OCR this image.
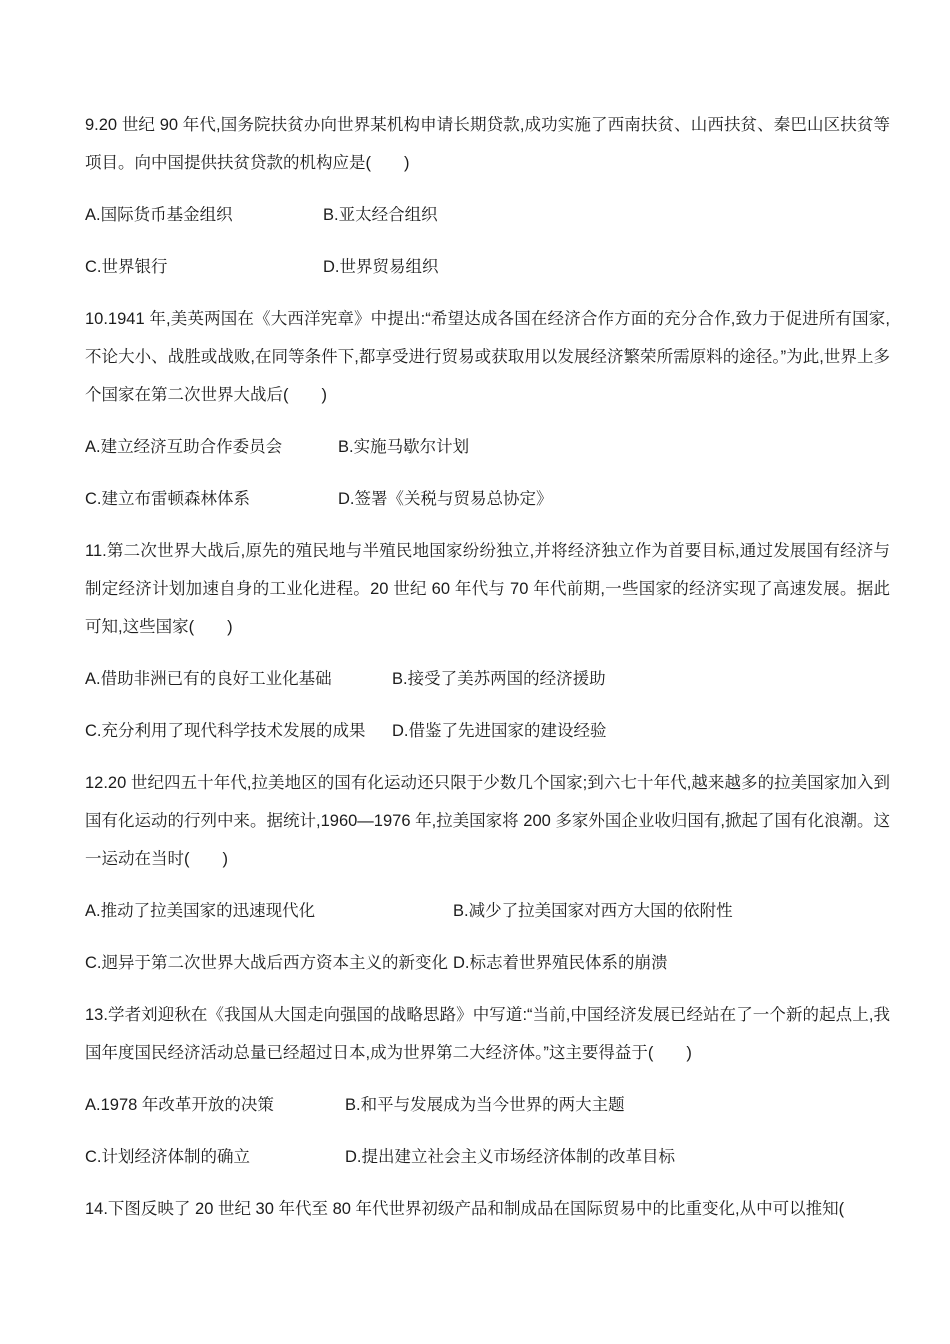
9.20 世纪 90 年代,国务院扶贫办向世界某机构申请长期贷款,成功实施了西南扶贫、山西扶贫、秦巴山区扶贫等项目。向中国提供扶贫贷款的机构应是(　　)

A.国际货币基金组织	B.亚太经合组织

C.世界银行	D.世界贸易组织

10.1941 年,美英两国在《大西洋宪章》中提出:“希望达成各国在经济合作方面的充分合作,致力于促进所有国家,不论大小、战胜或战败,在同等条件下,都享受进行贸易或获取用以发展经济繁荣所需原料的途径。”为此,世界上多个国家在第二次世界大战后(　　)

A.建立经济互助合作委员会	B.实施马歇尔计划

C.建立布雷顿森林体系	D.签署《关税与贸易总协定》

11.第二次世界大战后,原先的殖民地与半殖民地国家纷纷独立,并将经济独立作为首要目标,通过发展国有经济与制定经济计划加速自身的工业化进程。20 世纪 60 年代与 70 年代前期,一些国家的经济实现了高速发展。据此可知,这些国家(　　)

A.借助非洲已有的良好工业化基础	B.接受了美苏两国的经济援助

C.充分利用了现代科学技术发展的成果 D.借鉴了先进国家的建设经验

12.20 世纪四五十年代,拉美地区的国有化运动还只限于少数几个国家;到六七十年代,越来越多的拉美国家加入到国有化运动的行列中来。据统计,1960—1976 年,拉美国家将 200 多家外国企业收归国有,掀起了国有化浪潮。这一运动在当时(　　)

A.推动了拉美国家的迅速现代化	B.减少了拉美国家对西方大国的依附性

C.迥异于第二次世界大战后西方资本主义的新变化 D.标志着世界殖民体系的崩溃

13.学者刘迎秋在《我国从大国走向强国的战略思路》中写道:“当前,中国经济发展已经站在了一个新的起点上,我国年度国民经济活动总量已经超过日本,成为世界第二大经济体。”这主要得益于(　　)

A.1978 年改革开放的决策	B.和平与发展成为当今世界的两大主题

C.计划经济体制的确立	D.提出建立社会主义市场经济体制的改革目标

14.下图反映了 20 世纪 30 年代至 80 年代世界初级产品和制成品在国际贸易中的比重变化,从中可以推知(
